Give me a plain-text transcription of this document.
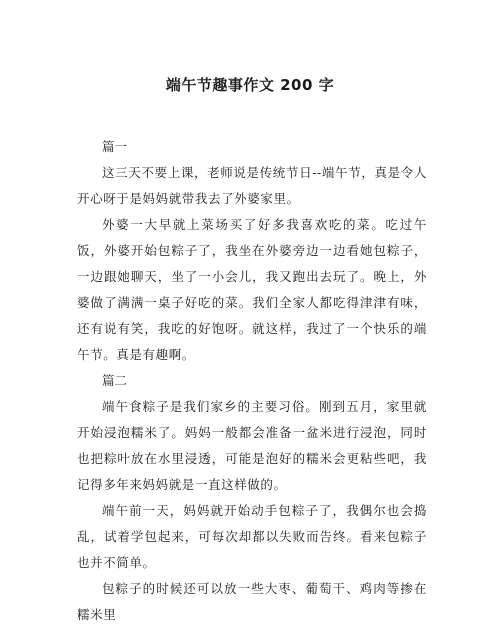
端午节趣事作文 200 字

篇一

这三天不要上课，老师说是传统节日--端午节，真是令人开心呀于是妈妈就带我去了外婆家里。

外婆一大早就上菜场买了好多我喜欢吃的菜。吃过午饭，外婆开始包粽子了，我坐在外婆旁边一边看她包粽子，一边跟她聊天，坐了一小会儿，我又跑出去玩了。晚上，外婆做了满满一桌子好吃的菜。我们全家人都吃得津津有味，还有说有笑，我吃的好饱呀。就这样，我过了一个快乐的端午节。真是有趣啊。

篇二

端午食粽子是我们家乡的主要习俗。刚到五月，家里就开始浸泡糯米了。妈妈一般都会准备一盆米进行浸泡，同时也把粽叶放在水里浸透，可能是泡好的糯米会更粘些吧，我记得多年来妈妈就是一直这样做的。

端午前一天，妈妈就开始动手包粽子了，我偶尔也会捣乱，试着学包起来，可每次却都以失败而告终。看来包粽子也并不简单。

包粽子的时候还可以放一些大枣、葡萄干、鸡肉等掺在糯米里
